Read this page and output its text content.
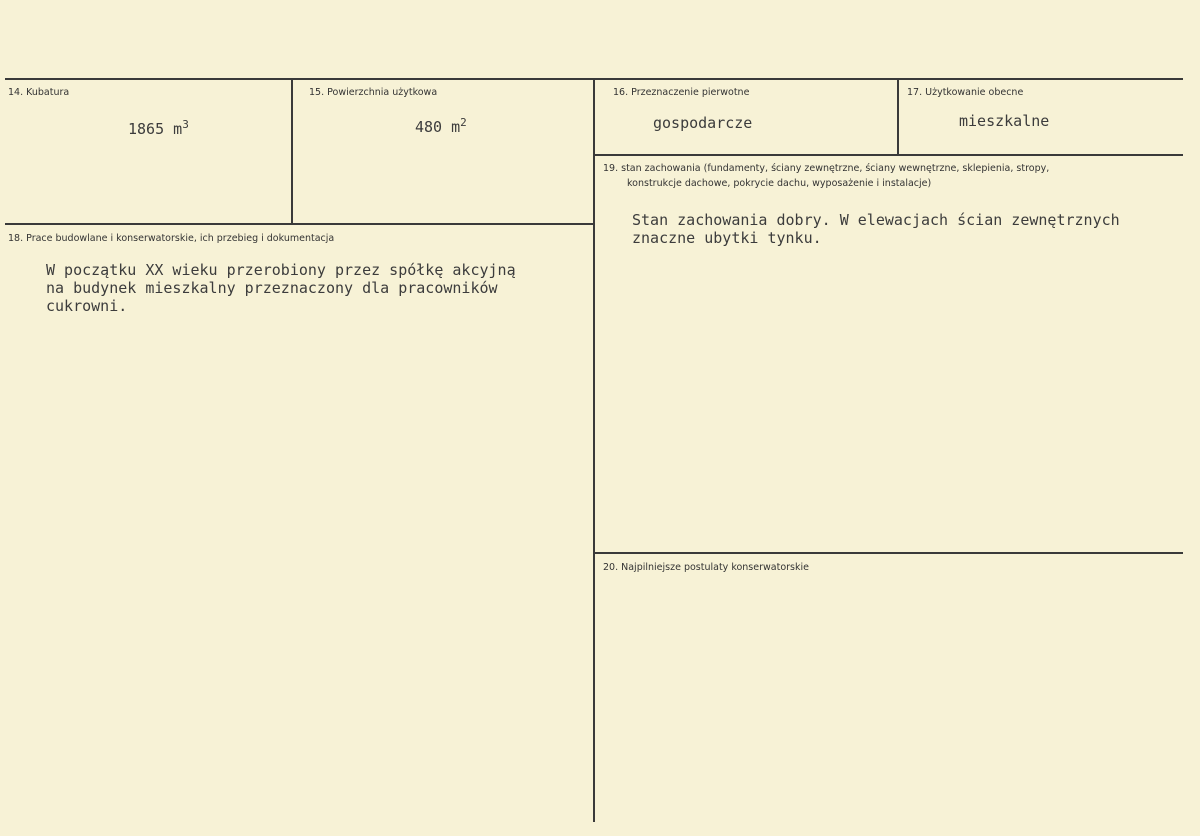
14. Kubatura
1865 $m^3$
15. Powierzchnia użytkowa
480 $m^2$
16. Przeznaczenie pierwotne
gospodarcze
17. Użytkowanie obecne
mieszkalne
18. Prace budowlane i konserwatorskie, ich przebieg i dokumentacja
W początku XX wieku przerobiony przez spółkę akcyjną
na budynek mieszkalny przeznaczony dla pracowników
cukrowni.
19. stan zachowania (fundamenty, ściany zewnętrzne, ściany wewnętrzne, sklepienia, stropy,
konstrukcje dachowe, pokrycie dachu, wyposażenie i instalacje)
Stan zachowania dobry. W elewacjach ścian zewnętrznych
znaczne ubytki tynku.
20. Najpilniejsze postulaty konserwatorskie
